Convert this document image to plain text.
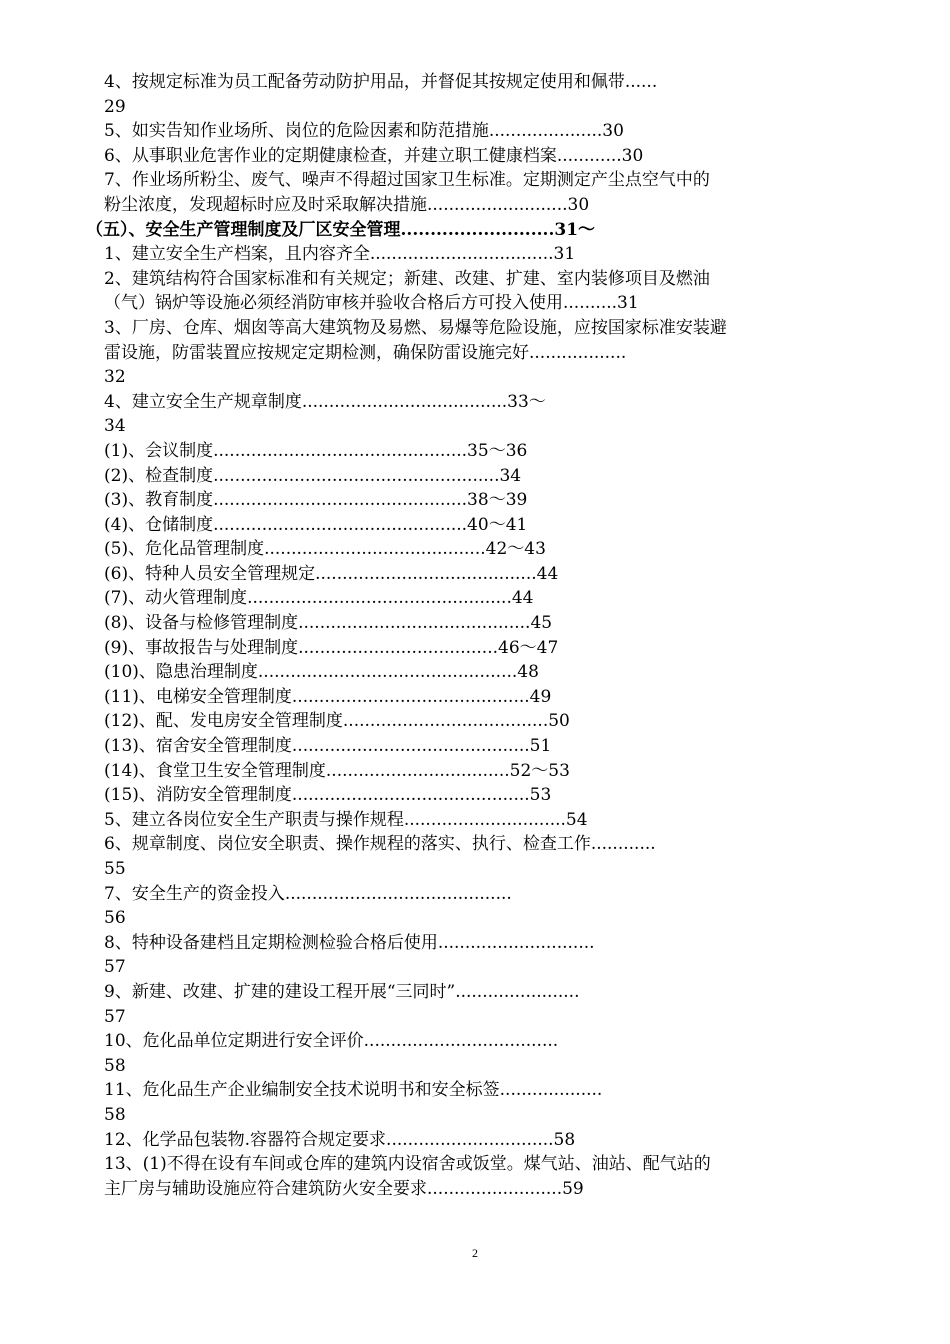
4、按规定标准为员工配备劳动防护用品，并督促其按规定使用和佩带......
29
5、如实告知作业场所、岗位的危险因素和防范措施.....................30
6、从事职业危害作业的定期健康检查，并建立职工健康档案............30
7、作业场所粉尘、废气、噪声不得超过国家卫生标准。定期测定产尘点空气中的
粉尘浓度，发现超标时应及时采取解决措施..........................30
（五）、安全生产管理制度及厂区安全管理..........................31～
1、建立安全生产档案，且内容齐全..................................31
2、建筑结构符合国家标准和有关规定；新建、改建、扩建、室内装修项目及燃油
（气）锅炉等设施必须经消防审核并验收合格后方可投入使用..........31
3、厂房、仓库、烟囱等高大建筑物及易燃、易爆等危险设施，应按国家标准安装避
雷设施，防雷装置应按规定定期检测，确保防雷设施完好..................
32
4、建立安全生产规章制度......................................33～
34
(1)、会议制度...............................................35～36
(2)、检查制度.....................................................34
(3)、教育制度...............................................38～39
(4)、仓储制度...............................................40～41
(5)、危化品管理制度.........................................42～43
(6)、特种人员安全管理规定.........................................44
(7)、动火管理制度.................................................44
(8)、设备与检修管理制度...........................................45
(9)、事故报告与处理制度.....................................46～47
(10)、隐患治理制度................................................48
(11)、电梯安全管理制度............................................49
(12)、配、发电房安全管理制度......................................50
(13)、宿舍安全管理制度............................................51
(14)、食堂卫生安全管理制度..................................52～53
(15)、消防安全管理制度............................................53
5、建立各岗位安全生产职责与操作规程..............................54
6、规章制度、岗位安全职责、操作规程的落实、执行、检查工作............
55
7、安全生产的资金投入..........................................
56
8、特种设备建档且定期检测检验合格后使用.............................
57
9、新建、改建、扩建的建设工程开展“三同时”.......................
57
10、危化品单位定期进行安全评价....................................
58
11、危化品生产企业编制安全技术说明书和安全标签...................
58
12、化学品包装物.容器符合规定要求...............................58
13、(1)不得在设有车间或仓库的建筑内设宿舍或饭堂。煤气站、油站、配气站的
主厂房与辅助设施应符合建筑防火安全要求.........................59
2
